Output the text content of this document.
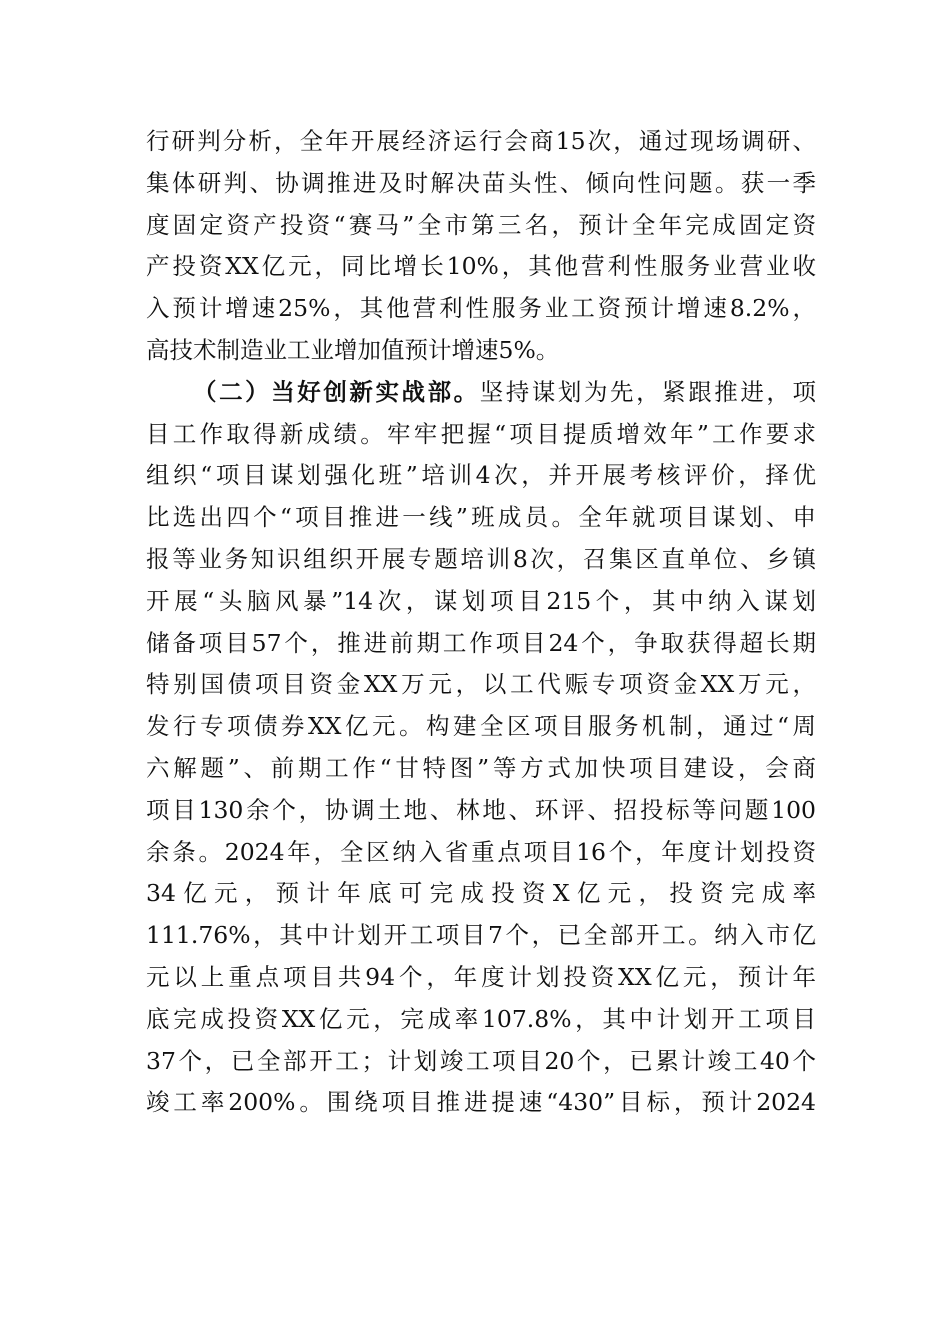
行研判分析，全年开展经济运行会商15次，通过现场调研、
集体研判、协调推进及时解决苗头性、倾向性问题。获一季
度固定资产投资“赛马”全市第三名，预计全年完成固定资
产投资XX亿元，同比增长10%，其他营利性服务业营业收
入预计增速25%，其他营利性服务业工资预计增速8.2%，
高技术制造业工业增加值预计增速5%。
（二）当好创新实战部。坚持谋划为先，紧跟推进，项
目工作取得新成绩。牢牢把握“项目提质增效年”工作要求
组织“项目谋划强化班”培训4次，并开展考核评价，择优
比选出四个“项目推进一线”班成员。全年就项目谋划、申
报等业务知识组织开展专题培训8次，召集区直单位、乡镇
开展“头脑风暴”14次，谋划项目215个，其中纳入谋划
储备项目57个，推进前期工作项目24个，争取获得超长期
特别国债项目资金XX万元，以工代赈专项资金XX万元，
发行专项债券XX亿元。构建全区项目服务机制，通过“周
六解题”、前期工作“甘特图”等方式加快项目建设，会商
项目130余个，协调土地、林地、环评、招投标等问题100
余条。2024年，全区纳入省重点项目16个，年度计划投资
34亿元，预计年底可完成投资X亿元，投资完成率
111.76%，其中计划开工项目7个，已全部开工。纳入市亿
元以上重点项目共94个，年度计划投资XX亿元，预计年
底完成投资XX亿元，完成率107.8%，其中计划开工项目
37个，已全部开工；计划竣工项目20个，已累计竣工40个
竣工率200%。围绕项目推进提速“430”目标，预计2024
